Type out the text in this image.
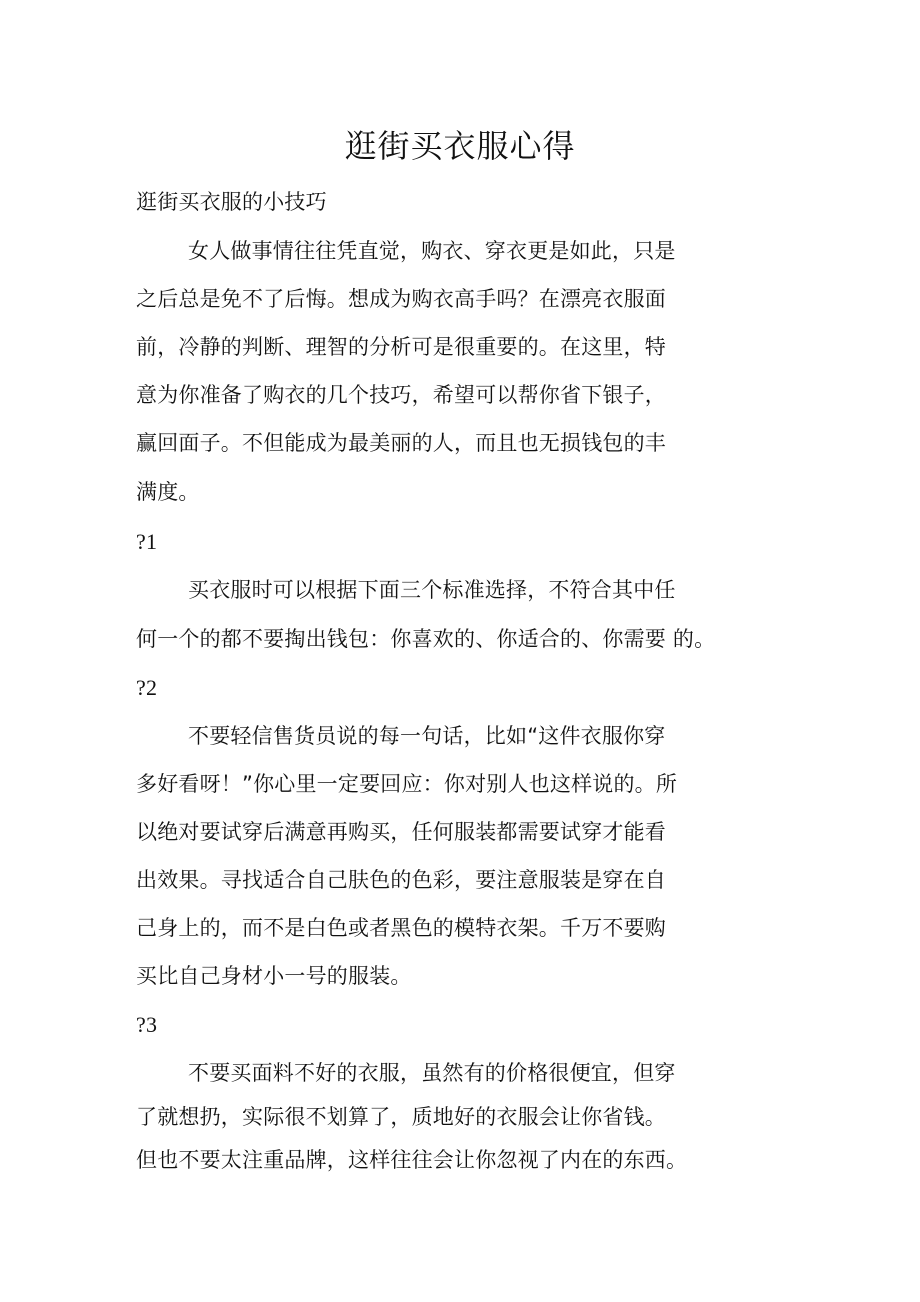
逛街买衣服心得
逛街买衣服的小技巧
女人做事情往往凭直觉，购衣、穿衣更是如此，只是
之后总是免不了后悔。想成为购衣高手吗？在漂亮衣服面
前，冷静的判断、理智的分析可是很重要的。在这里，特
意为你准备了购衣的几个技巧，希望可以帮你省下银子，
赢回面子。不但能成为最美丽的人，而且也无损钱包的丰
满度。
?1
买衣服时可以根据下面三个标准选择，不符合其中任
何一个的都不要掏出钱包：你喜欢的、你适合的、你需要 的。
?2
不要轻信售货员说的每一句话，比如“这件衣服你穿
多好看呀！”你心里一定要回应：你对别人也这样说的。所
以绝对要试穿后满意再购买，任何服装都需要试穿才能看
出效果。寻找适合自己肤色的色彩，要注意服装是穿在自
己身上的，而不是白色或者黑色的模特衣架。千万不要购
买比自己身材小一号的服装。
?3
不要买面料不好的衣服，虽然有的价格很便宜，但穿
了就想扔，实际很不划算了，质地好的衣服会让你省钱。
但也不要太注重品牌，这样往往会让你忽视了内在的东西。
